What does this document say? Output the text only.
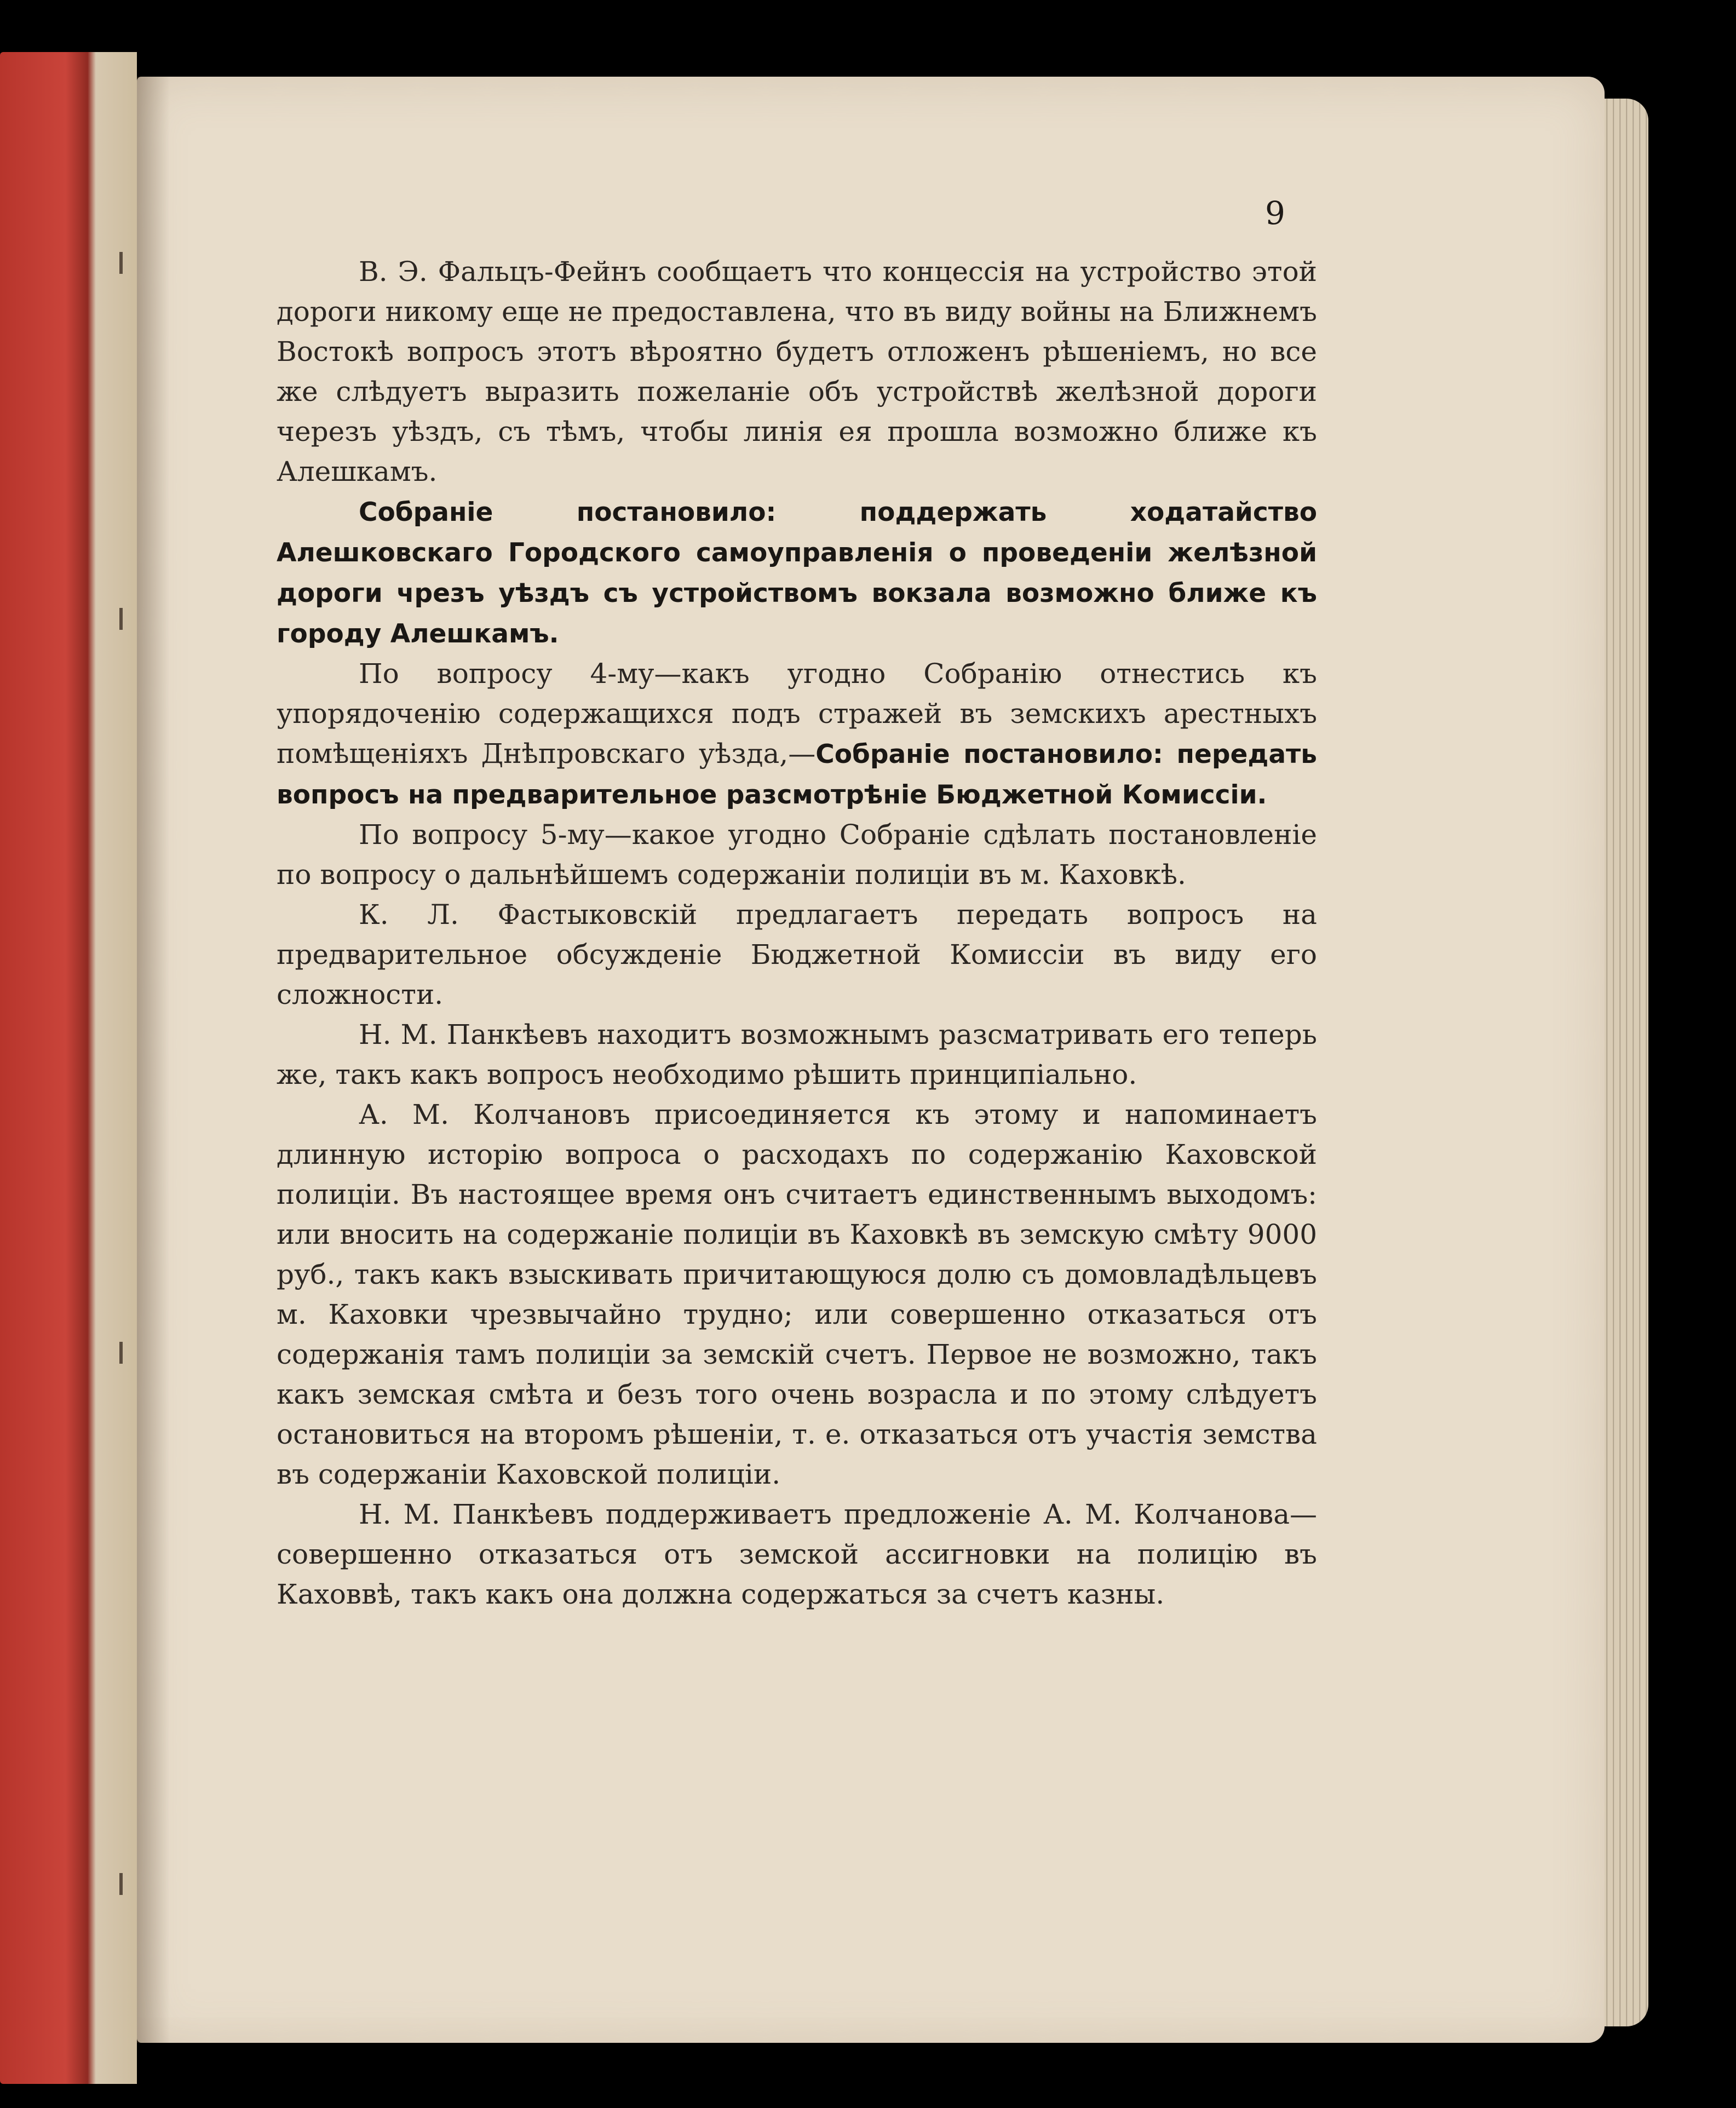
9

В. Э. Фальцъ-Фейнъ сообщаетъ что концессія на устройство этой дороги никому еще не предоставлена, что въ виду войны на Ближнемъ Востокѣ вопросъ этотъ вѣроятно будетъ отложенъ рѣшеніемъ, но все же слѣдуетъ выразить пожеланіе объ устройствѣ желѣзной дороги черезъ уѣздъ, съ тѣмъ, чтобы линія ея прошла возможно ближе къ Алешкамъ.

Собраніе постановило: поддержать ходатайство Алешковскаго Городского самоуправленія о проведеніи желѣзной дороги чрезъ уѣздъ съ устройствомъ вокзала возможно ближе къ городу Алешкамъ.

По вопросу 4-му—какъ угодно Собранію отнестись къ упорядоченію содержащихся подъ стражей въ земскихъ арестныхъ помѣщеніяхъ Днѣпровскаго уѣзда,—Собраніе постановило: передать вопросъ на предварительное разсмотрѣніе Бюджетной Комиссіи.

По вопросу 5-му—какое угодно Собраніе сдѣлать постановленіе по вопросу о дальнѣйшемъ содержаніи полиціи въ м. Каховкѣ.

К. Л. Фастыковскій предлагаетъ передать вопросъ на предварительное обсужденіе Бюджетной Комиссіи въ виду его сложности.

Н. М. Панкѣевъ находитъ возможнымъ разсматривать его теперь же, такъ какъ вопросъ необходимо рѣшить принципіально.

А. М. Колчановъ присоединяется къ этому и напоминаетъ длинную исторію вопроса о расходахъ по содержанію Каховской полиціи. Въ настоящее время онъ считаетъ единственнымъ выходомъ: или вносить на содержаніе полиціи въ Каховкѣ въ земскую смѣту 9000 руб., такъ какъ взыскивать причитающуюся долю съ домовладѣльцевъ м. Каховки чрезвычайно трудно; или совершенно отказаться отъ содержанія тамъ полиціи за земскій счетъ. Первое не возможно, такъ какъ земская смѣта и безъ того очень возрасла и по этому слѣдуетъ остановиться на второмъ рѣшеніи, т. е. отказаться отъ участія земства въ содержаніи Каховской полиціи.

Н. М. Панкѣевъ поддерживаетъ предложеніе А. М. Колчанова—совершенно отказаться отъ земской ассигновки на полицію въ Каховвѣ, такъ какъ она должна содержаться за счетъ казны.
